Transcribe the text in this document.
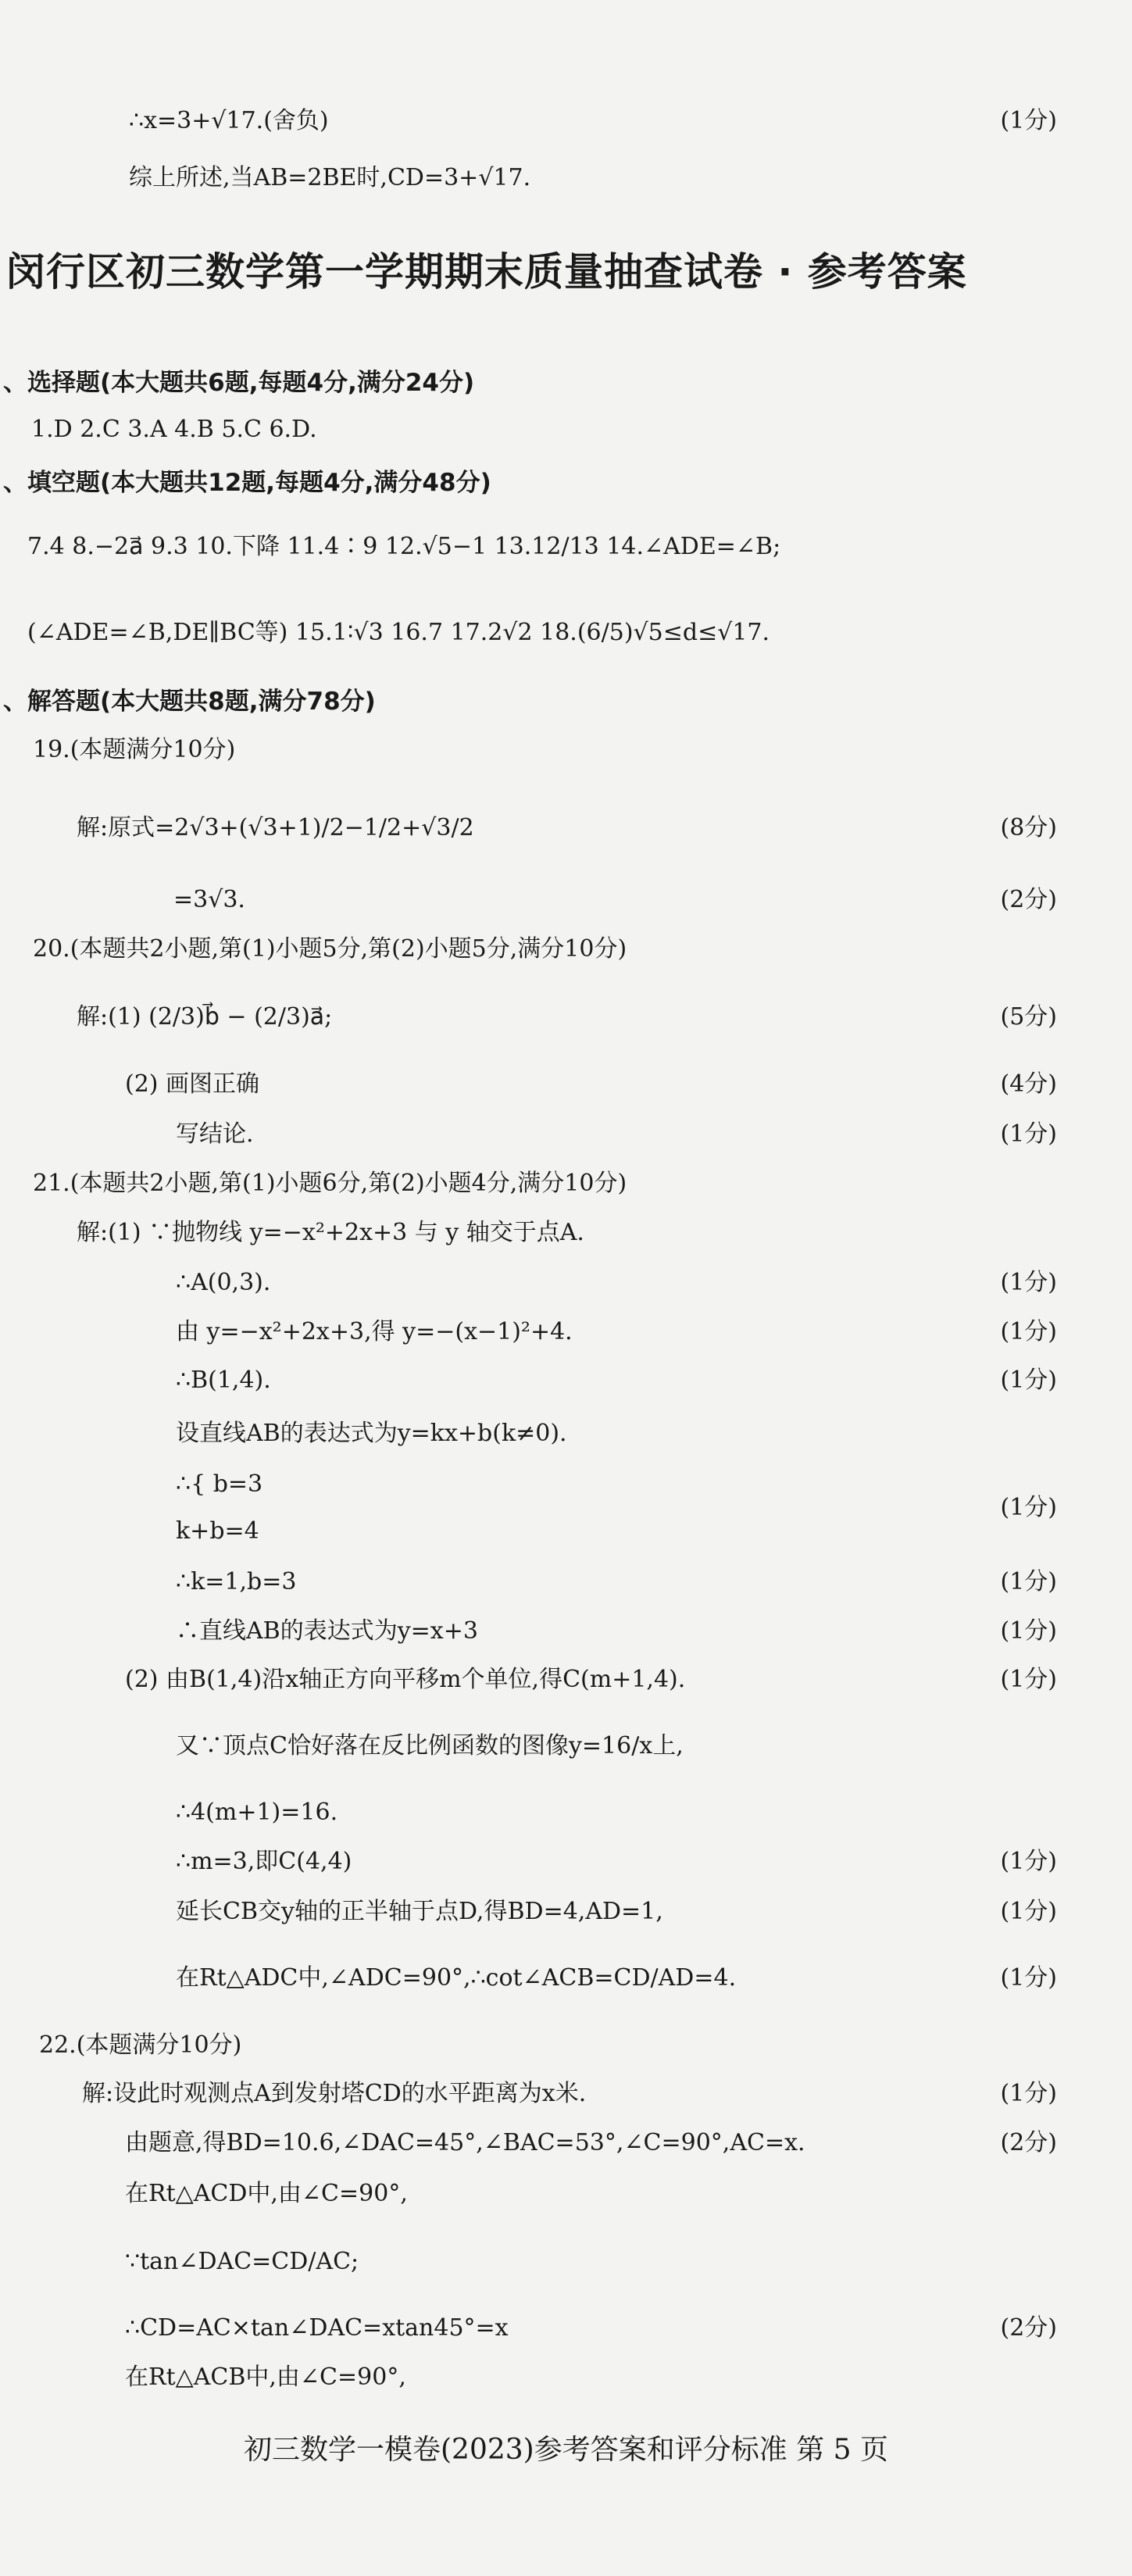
闵行区初三数学第一学期期末质量抽查试卷 · 参考答案
、选择题(本大题共6题,每题4分,满分24分)
、填空题(本大题共12题,每题4分,满分48分)
、解答题(本大题共8题,满分78分)
∴x=3+√17.(舍负)
综上所述,当AB=2BE时,CD=3+√17.
1.D 2.C 3.A 4.B 5.C 6.D.
7.4 8.−2a⃗ 9.3 10.下降 11.4∶9 12.√5−1 13.12/13 14.∠ADE=∠B;
(∠ADE=∠B,DE∥BC等) 15.1∶√3 16.7 17.2√2 18.(6/5)√5≤d≤√17.
19.(本题满分10分)
解:原式=2√3+(√3+1)/2−1/2+√3/2
=3√3.
20.(本题共2小题,第(1)小题5分,第(2)小题5分,满分10分)
解:(1) (2/3)b⃗ − (2/3)a⃗;
(2) 画图正确
写结论.
21.(本题共2小题,第(1)小题6分,第(2)小题4分,满分10分)
解:(1) ∵抛物线 y=−x²+2x+3 与 y 轴交于点A.
∴A(0,3).
由 y=−x²+2x+3,得 y=−(x−1)²+4.
∴B(1,4).
设直线AB的表达式为y=kx+b(k≠0).
∴{ b=3
k+b=4
∴k=1,b=3
∴直线AB的表达式为y=x+3
(2) 由B(1,4)沿x轴正方向平移m个单位,得C(m+1,4).
又∵顶点C恰好落在反比例函数的图像y=16/x上,
∴4(m+1)=16.
∴m=3,即C(4,4)
延长CB交y轴的正半轴于点D,得BD=4,AD=1,
在Rt△ADC中,∠ADC=90°,∴cot∠ACB=CD/AD=4.
22.(本题满分10分)
解:设此时观测点A到发射塔CD的水平距离为x米.
由题意,得BD=10.6,∠DAC=45°,∠BAC=53°,∠C=90°,AC=x.
在Rt△ACD中,由∠C=90°,
∵tan∠DAC=CD/AC;
∴CD=AC×tan∠DAC=xtan45°=x
在Rt△ACB中,由∠C=90°,
(1分)
(8分)
(2分)
(5分)
(4分)
(1分)
(1分)
(1分)
(1分)
(1分)
(1分)
(1分)
(1分)
(1分)
(1分)
(1分)
(1分)
(2分)
(2分)
初三数学一模卷(2023)参考答案和评分标准 第 5 页
